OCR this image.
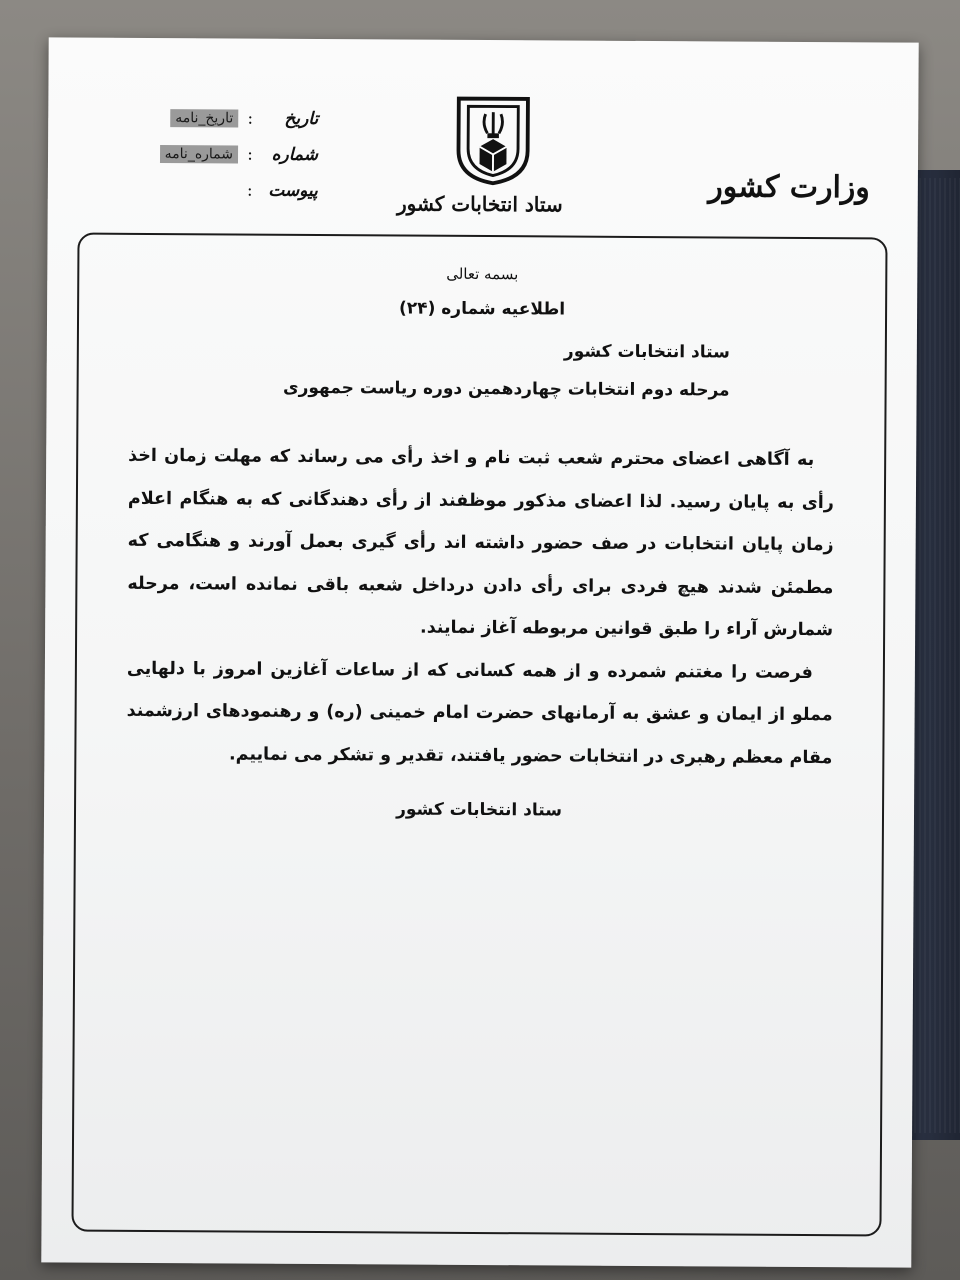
تاریخ
:
تاریخ_نامه
شماره
:
شماره_نامه
پیوست
:
ستاد انتخابات کشور	وزارت کشور
بسمه تعالی
اطلاعیه شماره (۲۴)
ستاد انتخابات کشور
مرحله دوم انتخابات چهاردهمین دوره ریاست جمهوری

به آگاهی اعضای محترم شعب ثبت نام و اخذ رأی می رساند که مهلت زمان اخذ رأی به پایان رسید. لذا اعضای مذکور موظفند از رأی دهندگانی که به هنگام اعلام زمان پایان انتخابات در صف حضور داشته اند رأی گیری بعمل آورند و هنگامی که مطمئن شدند هیچ فردی برای رأی دادن درداخل شعبه باقی نمانده است، مرحله شمارش آراء را طبق قوانین مربوطه آغاز نمایند.

فرصت را مغتنم شمرده و از همه کسانی که از ساعات آغازین امروز با دلهایی مملو از ایمان و عشق به آرمانهای حضرت امام خمینی (ره) و رهنمودهای ارزشمند مقام معظم رهبری در انتخابات حضور یافتند، تقدیر و تشکر می نماییم.

ستاد انتخابات کشور
